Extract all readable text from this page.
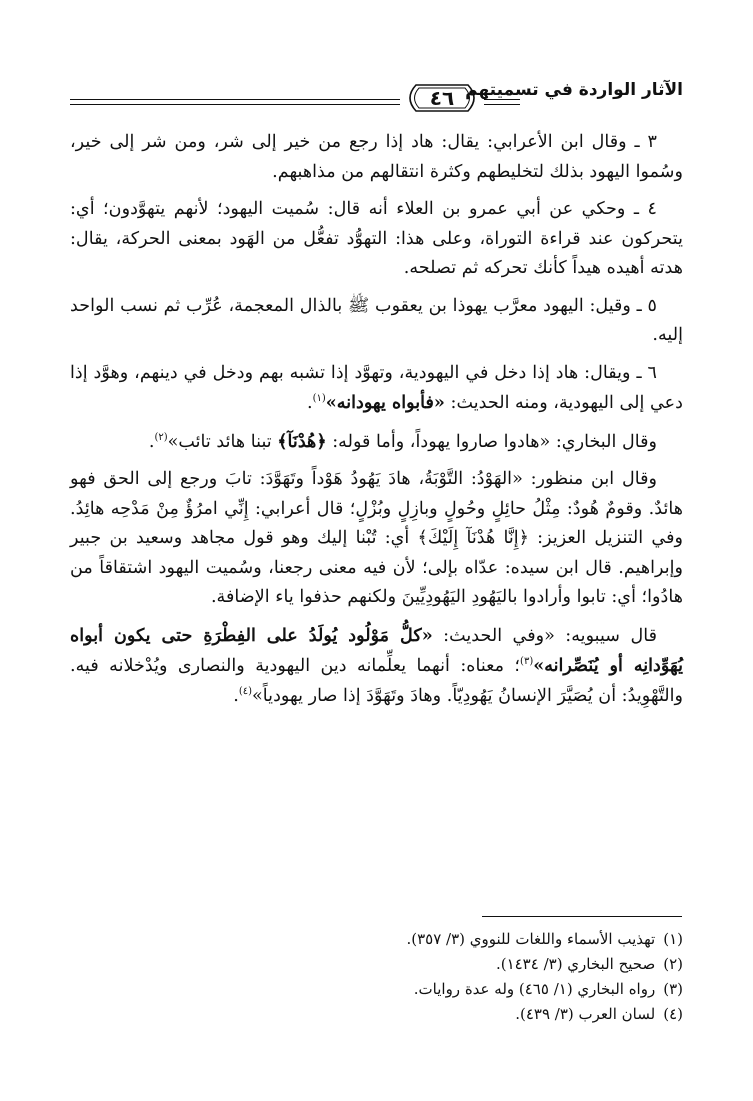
٤٦ الآثار الواردة في تسميتهم

٣ ـ وقال ابن الأعرابي: يقال: هاد إذا رجع من خير إلى شر، ومن شر إلى خير، وسُموا اليهود بذلك لتخليطهم وكثرة انتقالهم من مذاهبهم.

٤ ـ وحكي عن أبي عمرو بن العلاء أنه قال: سُميت اليهود؛ لأنهم يتهوَّدون؛ أي: يتحركون عند قراءة التوراة، وعلى هذا: التهوُّد تفعُّل من الهَود بمعنى الحركة، يقال: هدته أهيده هيداً كأنك تحركه ثم تصلحه.

٥ ـ وقيل: اليهود معرَّب يهوذا بن يعقوب ﷺ بالذال المعجمة، عُرِّب ثم نسب الواحد إليه.

٦ ـ ويقال: هاد إذا دخل في اليهودية، وتهوَّد إذا تشبه بهم ودخل في دينهم، وهوَّد إذا دعي إلى اليهودية، ومنه الحديث: «فأبواه يهودانه»$^{(١)}$.

وقال البخاري: «هادوا صاروا يهوداً، وأما قوله: ﴿هُدْنَآ﴾ تبنا هائد تائب»$^{(٢)}$.

وقال ابن منظور: «الهَوْدُ: التَّوْبَةُ، هادَ يَهُودُ هَوْداً وتَهَوَّدَ: تابَ ورجع إلى الحق فهو هائدٌ. وقومٌ هُودٌ: مِثْلُ حائِلٍ وحُولٍ وبازِلٍ وبُزْلٍ؛ قال أعرابي: إِنِّي امرُؤٌ مِنْ مَدْحِه هائِدُ. وفي التنزيل العزيز: ﴿إِنَّا هُدْنَآ إِلَيْكَ﴾ أي: تُبْنا إليك وهو قول مجاهد وسعيد بن جبير وإبراهيم. قال ابن سيده: عدّاه بإلى؛ لأن فيه معنى رجعنا، وسُميت اليهود اشتقاقاً من هادُوا؛ أي: تابوا وأرادوا باليَهُودِ اليَهُودِيِّينَ ولكنهم حذفوا ياء الإضافة.

قال سيبويه: «وفي الحديث: «كلُّ مَوْلُود يُولَدُ على الفِطْرَةِ حتى يكون أبواه يُهَوِّدانِه أو يُنَصِّرانه»$^{(٣)}$؛ معناه: أنهما يعلِّمانه دين اليهودية والنصارى ويُدْخلانه فيه. والتَّهْوِيدُ: أن يُصَيَّرَ الإنسانُ يَهُودِيّاً. وهادَ وتَهَوَّدَ إذا صار يهودياً»$^{(٤)}$.

(١)تهذيب الأسماء واللغات للنووي (٣/ ٣٥٧).
(٢)صحيح البخاري (٣/ ١٤٣٤).
(٣)رواه البخاري (١/ ٤٦٥) وله عدة روايات.
(٤)لسان العرب (٣/ ٤٣٩).
